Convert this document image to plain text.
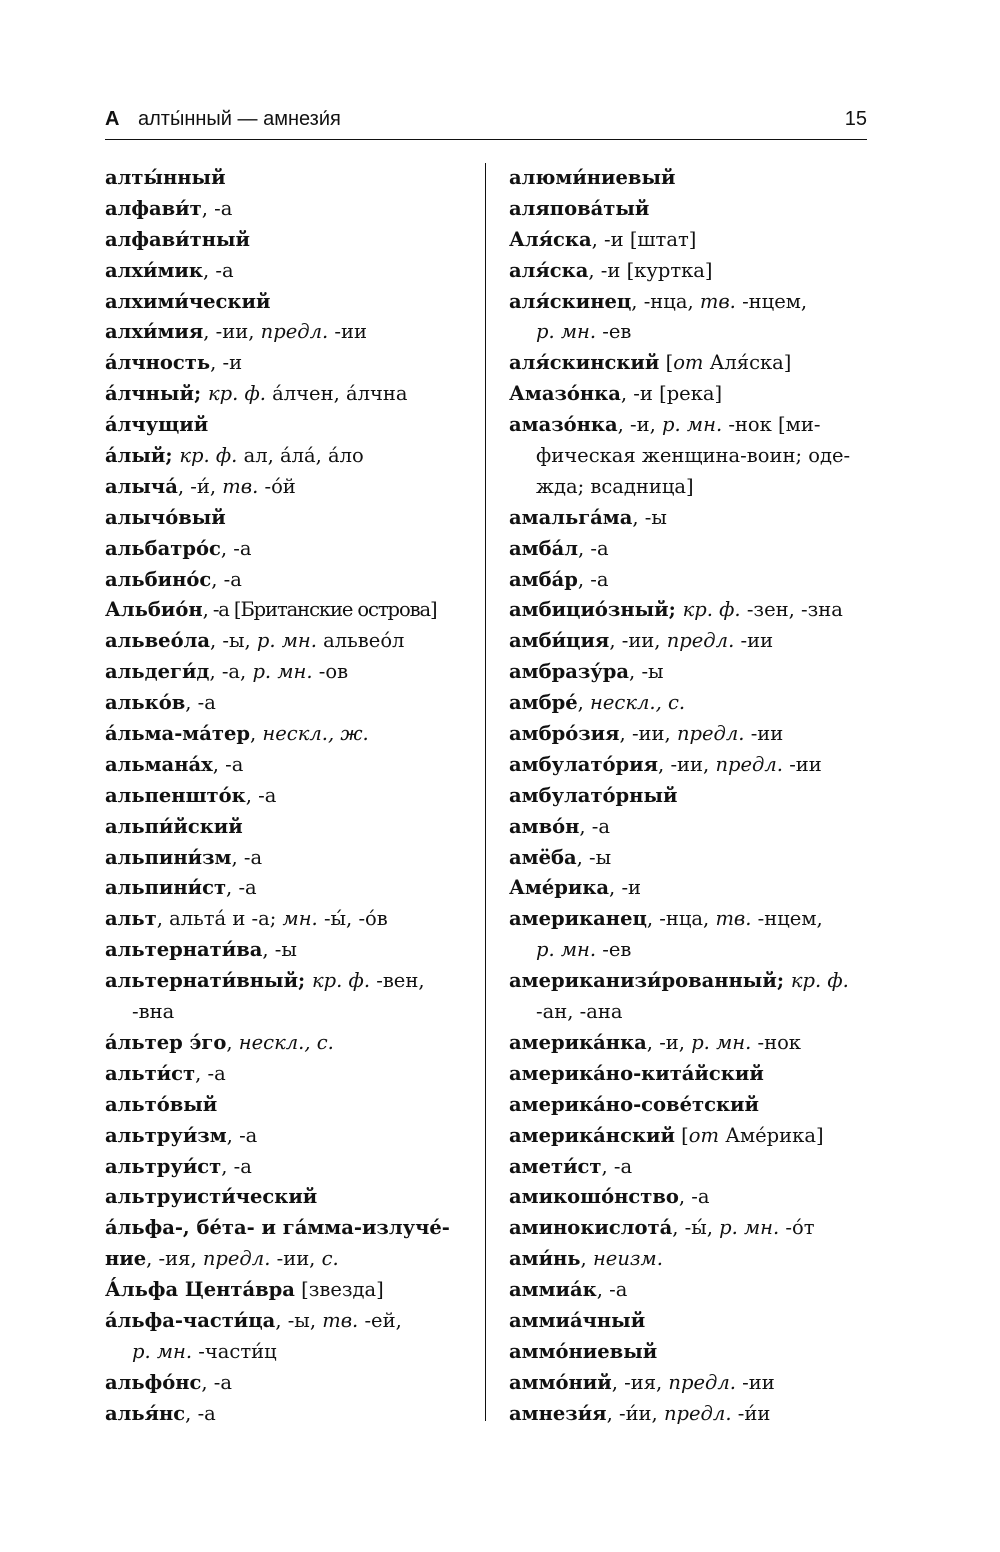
А алты́нный — амнези́я	15
алты́нный
алфави́т, -а
алфави́тный
алхи́мик, -а
алхими́ческий
алхи́мия, -ии, предл. -ии
а́лчность, -и
а́лчный; кр. ф. а́лчен, а́лчна
а́лчущий
а́лый; кр. ф. ал, а́ла́, а́ло
алыча́, -и́, тв. -о́й
алычо́вый
альбатро́с, -а
альбино́с, -а
Альбио́н, -а [Британские острова]
альвео́ла, -ы, р. мн. альвео́л
альдеги́д, -а, р. мн. -ов
алько́в, -а
а́льма-ма́тер, нескл., ж.
альмана́х, -а
альпеншто́к, -а
альпи́йский
альпини́зм, -а
альпини́ст, -а
альт, альта́ и -а; мн. -ы́, -о́в
альтернати́ва, -ы
альтернати́вный; кр. ф. -вен,
-вна
а́льтер э́го, нескл., с.
альти́ст, -а
альто́вый
альтруи́зм, -а
альтруи́ст, -а
альтруисти́ческий
а́льфа-, бе́та- и га́мма-излуче́-
ние, -ия, предл. -ии, с.
А́льфа Цента́вра [звезда]
а́льфа-части́ца, -ы, тв. -ей,
р. мн. -части́ц
альфо́нс, -а
алья́нс, -а
алюми́ниевый
аляпова́тый
Аля́ска, -и [штат]
аля́ска, -и [куртка]
аля́скинец, -нца, тв. -нцем,
р. мн. -ев
аля́скинский [от Аля́ска]
Амазо́нка, -и [река]
амазо́нка, -и, р. мн. -нок [ми-
фическая женщина-воин; оде-
жда; всадница]
амальга́ма, -ы
амба́л, -а
амба́р, -а
амбицио́зный; кр. ф. -зен, -зна
амби́ция, -ии, предл. -ии
амбразу́ра, -ы
амбре́, нескл., с.
амбро́зия, -ии, предл. -ии
амбулато́рия, -ии, предл. -ии
амбулато́рный
амво́н, -а
амёба, -ы
Аме́рика, -и
американец, -нца, тв. -нцем,
р. мн. -ев
американизи́рованный; кр. ф.
-ан, -ана
америка́нка, -и, р. мн. -нок
америка́но-кита́йский
америка́но-сове́тский
америка́нский [от Аме́рика]
амети́ст, -а
амикошо́нство, -а
аминокислота́, -ы́, р. мн. -о́т
ами́нь, неизм.
аммиа́к, -а
аммиа́чный
аммо́ниевый
аммо́ний, -ия, предл. -ии
амнези́я, -и́и, предл. -и́и
